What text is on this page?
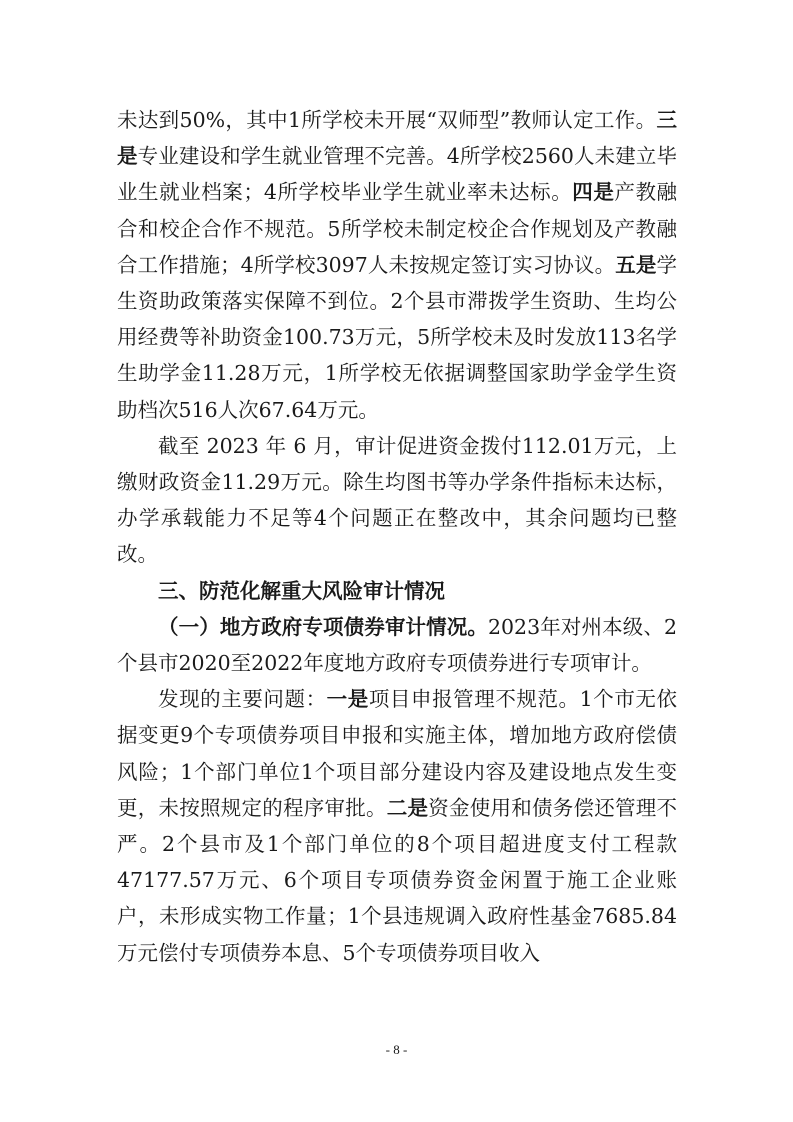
未达到50%，其中1所学校未开展“双师型”教师认定工作。三是专业建设和学生就业管理不完善。4所学校2560人未建立毕业生就业档案；4所学校毕业学生就业率未达标。四是产教融合和校企合作不规范。5所学校未制定校企合作规划及产教融合工作措施；4所学校3097人未按规定签订实习协议。五是学生资助政策落实保障不到位。2个县市滞拨学生资助、生均公用经费等补助资金100.73万元，5所学校未及时发放113名学生助学金11.28万元，1所学校无依据调整国家助学金学生资助档次516人次67.64万元。

截至 2023 年 6 月，审计促进资金拨付112.01万元，上缴财政资金11.29万元。除生均图书等办学条件指标未达标，办学承载能力不足等4个问题正在整改中，其余问题均已整改。

三、防范化解重大风险审计情况

（一）地方政府专项债券审计情况。2023年对州本级、2个县市2020至2022年度地方政府专项债券进行专项审计。

发现的主要问题：一是项目申报管理不规范。1个市无依据变更9个专项债券项目申报和实施主体，增加地方政府偿债风险；1个部门单位1个项目部分建设内容及建设地点发生变更，未按照规定的程序审批。二是资金使用和债务偿还管理不严。2个县市及1个部门单位的8个项目超进度支付工程款47177.57万元、6个项目专项债券资金闲置于施工企业账户，未形成实物工作量；1个县违规调入政府性基金7685.84万元偿付专项债券本息、5个专项债券项目收入

- 8 -
